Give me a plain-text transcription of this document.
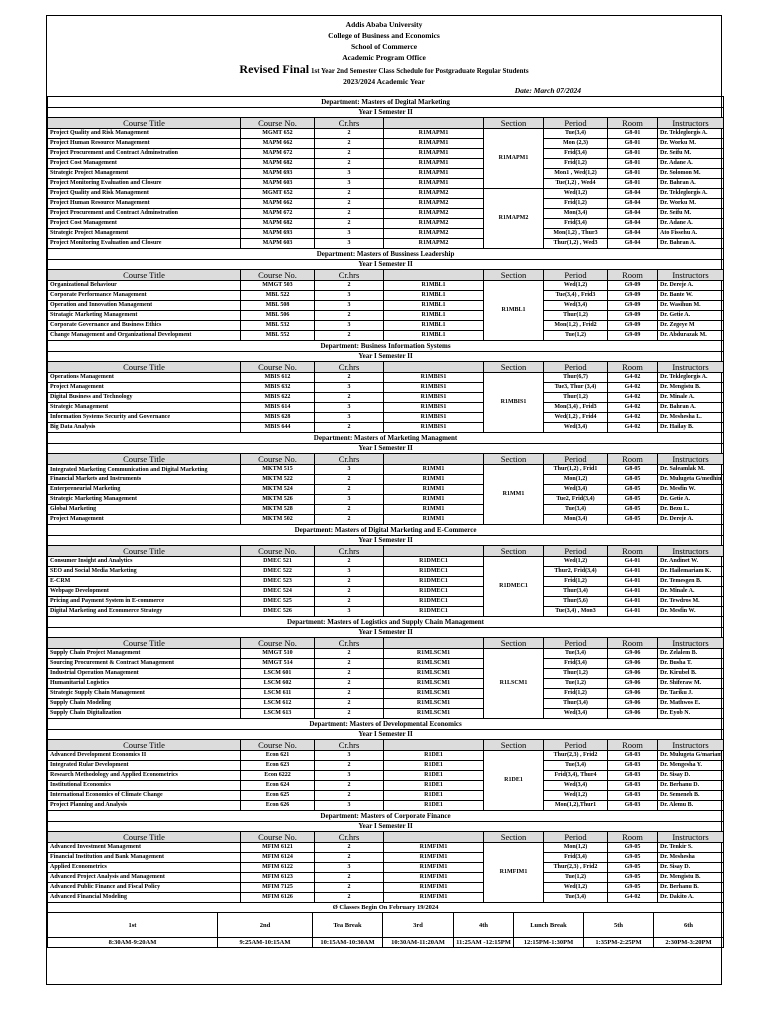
Addis Ababa University
College of Business and Economics
School of Commerce
Academic Program Office
Revised Final 1st Year 2nd Semester Class Schedule for Postgraduate Regular Students
2023/2024 Academic Year
Date: March 07/2024
Department: Masters of Degital Marketing							
Year I Semester II							
Course Title	Course No.	Cr.hrs		Section	Period	Room	Instructors
Project Quality and Risk Management	MGMT 652	2	R1MAPM1	R1MAPM1	Tue(3,4)	G8-01	Dr. Tekleglorgis A.
Project Human Resource Management	MAPM 662	2	R1MAPM1		Mon (2,3)	G8-01	Dr. Worku M.
Project Procurement and Contract Adminstration	MAPM 672	2	R1MAPM1		Frid(3,4)	G8-01	Dr. Seifu M.
Project Cost Management	MAPM 682	2	R1MAPM1		Frid(1,2)	G8-01	Dr. Adane A.
Strategic Project Management	MAPM 693	3	R1MAPM1		Mon1 , Wed(1,2)	G8-01	Dr. Solomon M.
Project Monitoring Evaluation and Closure	MAPM 603	3	R1MAPM1		Tue(1,2) , Wed4	G8-01	Dr. Bahran A.
Project Quality and Risk Management	MGMT 652	2	R1MAPM2	R1MAPM2	Wed(1,2)	G8-04	Dr. Tekleglorgis A.
Project Human Resource Management	MAPM 662	2	R1MAPM2		Frid(1,2)	G8-04	Dr. Worku M.
Project Procurement and Contract Adminstration	MAPM 672	2	R1MAPM2		Mon(3,4)	G8-04	Dr. Seifu M.
Project Cost Management	MAPM 682	2	R1MAPM2		Frid(3,4)	G8-04	Dr. Adane A.
Strategic Project Management	MAPM 693	3	R1MAPM2		Mon(1,2) , Thur3	G8-04	Ato Fissehu A.
Project Monitoring Evaluation and Closure	MAPM 603	3	R1MAPM2		Thur(1,2) , Wed3	G8-04	Dr. Bahran A.
Department: Masters of Bussiness Leadership							
Year I Semester II							
Course Title	Course No.	Cr.hrs		Section	Period	Room	Instructors
Organizational Behaviour	MMGT 503	2	R1MBL1	R1MBL1	Wed(1,2)	G9-09	Dr. Dereje A.
Corporate Performance Management	MBL 522	3	R1MBL1		Tue(3,4) , Frid3	G9-09	Dr. Bante W.
Operation and Innovation Management	MBL 508	3	R1MBL1		Wed(3,4)	G9-09	Dr. Wasihun M.
Stratagic Marketing Management	MBL 506	2	R1MBL1		Thur(1,2)	G9-09	Dr. Getie A.
Corporate Governance and Business Ethics	MBL 532	3	R1MBL1		Mon(1,2) , Frid2	G9-09	Dr. Zegeye M
Change Management and Organizational Development	MBL 552	2	R1MBL1		Tue(1,2)	G9-09	Dr. Abdurazak M.
Department: Business Information Systems							
Year I Semester II							
Course Title	Course No.	Cr.hrs		Section	Period	Room	Instructors
Operations Management	MBIS 612	2	R1MBIS1	R1MBIS1	Thur(6,7)	G4-02	Dr. Tekleglorgis A.
Project Management	MBIS 632	3	R1MBIS1		Tue3, Thur (3,4)	G4-02	Dr. Mengistu B.
Digital Business and Technology	MBIS 622	2	R1MBIS1		Thur(1,2)	G4-02	Dr. Minale A.
Strategic Management	MBIS 614	3	R1MBIS1		Mon(3,4) , Frid3	G4-02	Dr. Bahran A.
Information Systems Security and Governance	MBIS 628	3	R1MBIS1		Wed(1,2) , Frid4	G4-02	Dr. Meshesha L.
Big Data Analysis	MBIS 644	2	R1MBIS1		Wed(3,4)	G4-02	Dr. Hailay B.
Department: Masters of Marketing Managment							
Year I Semester II							
Course Title	Course No.	Cr.hrs		Section	Period	Room	Instructors
Integrated Marketing Communication and Digital Marketing	MKTM 515	3	R1MM1	R1MM1	Thur(1,2) , Frid1	G8-05	Dr. Saleamlak M.
Financial Markets and Instruments	MKTM 522	2	R1MM1		Mon(1,2)	G8-05	Dr. Mulugeta G/medhin
Enterpreneurial Marketing	MKTM 524	2	R1MM1		Wed(3,4)	G8-05	Dr. Mesfin W.
Strategic Marketing Management	MKTM 526	3	R1MM1		Tue2, Frid(3,4)	G8-05	Dr. Getie A.
Global Marketing	MKTM 528	2	R1MM1		Tue(3,4)	G8-05	Dr. Bezu L.
Project Management	MKTM 502	2	R1MM1		Mon(3,4)	G8-05	Dr. Dereje A.
Department: Masters of Digital Marketing and E-Commerce							
Year I Semester II							
Course Title	Course No.	Cr.hrs		Section	Period	Room	Instructors
Consumer Insight and Analytics	DMEC 521	2	R1DMEC1	R1DMEC1	Wed(1,2)	G4-01	Dr. Andinet W.
SEO and Social Media Marketing	DMEC 522	3	R1DMEC1		Thur2, Frid(3,4)	G4-01	Dr. Hailemariam K.
E-CRM	DMEC 523	2	R1DMEC1		Frid(1,2)	G4-01	Dr. Temesgen B.
Webpage Development	DMEC 524	2	R1DMEC1		Thur(3,4)	G4-01	Dr. Minale A.
Pricing and Payment System in E-commerce	DMEC 525	2	R1DMEC1		Thur(5,6)	G4-01	Dr. Tewdros M.
Digital Marketing and Ecommerce Strategy	DMEC 526	3	R1DMEC1		Tue(3,4) , Mon3	G4-01	Dr. Mesfin W.
Department: Masters of Logistics and Supply Chain Management							
Year I Semester II							
Course Title	Course No.	Cr.hrs		Section	Period	Room	Instructors
Supply Chain Project Management	MMGT 510	2	R1MLSCM1	R1LSCM1	Tue(3,4)	G9-06	Dr. Zelalem B.
Sourcing Procurement & Contract Management	MMGT 514	2	R1MLSCM1		Frid(3,4)	G9-06	Dr. Busha T.
Industrial Operation Management	LSCM 601	2	R1MLSCM1		Thur(1,2)	G9-06	Dr. Kirubel B.
Humanitarial Logistics	LSCM 602	2	R1MLSCM1		Tue(1,2)	G9-06	Dr. Shiferaw M.
Strategic Supply Chain Management	LSCM 611	2	R1MLSCM1		Frid(1,2)	G9-06	Dr. Tariku J.
Supply Chain Modeling	LSCM 612	2	R1MLSCM1		Thur(3,4)	G9-06	Dr. Mathwos E.
Supply Chain Digitalization	LSCM 613	2	R1MLSCM1		Wed(3,4)	G9-06	Dr. Eyob N.
Department: Masters of Developmental Economics							
Year I Semester II							
Course Title	Course No.	Cr.hrs		Section	Period	Room	Instructors
Advanced Development Economics II	Econ 621	3	R1DE1	R1DE1	Thur(2,3) , Frid2	G8-03	Dr. Mulugeta G/mariam
Integrated Rular Development	Econ 623	2	R1DE1		Tue(3,4)	G8-03	Dr. Mengesha Y.
Research Methodology and Applied Econometrics	Econ 6222	3	R1DE1		Frid(3,4), Thur4	G8-03	Dr. Sisay D.
Institutional Economics	Econ 624	2	R1DE1		Wed(3,4)	G8-03	Dr. Berhanu D.
International Economics of Climate Change	Econ 625	2	R1DE1		Wed(1,2)	G8-03	Dr. Semeneh B.
Project Planning and Analysis	Econ 626	3	R1DE1		Mon(1,2),Thur1	G8-03	Dr. Alemu B.
Department: Masters of Corporate Finance							
Year I Semester II							
Course Title	Course No.	Cr.hrs		Section	Period	Room	Instructors
Advanced Investment Management	MFIM 6121	2	R1MFIM1	R1MFIM1	Mon(1,2)	G9-05	Dr. Tenkir S.
Financial Institution and Bank Management	MFIM 6124	2	R1MFIM1		Frid(3,4)	G9-05	Dr. Meshesha
Applied Econometrics	MFIM 6122	3	R1MFIM1		Thur(2,3) , Frid2	G9-05	Dr. Sisay D.
Advanced Project Analysis and Management	MFIM 6123	2	R1MFIM1		Tue(1,2)	G9-05	Dr. Mengistu B.
Advanced Public Finance and Fiscal Policy	MFIM 7125	2	R1MFIM1		Wed(1,2)	G9-05	Dr. Berhanu B.
Advanced Financial Modeling	MFIM 6126	2	R1MFIM1		Tue(3,4)	G4-02	Dr. Dakito A.
Ø Classes Begin On February 19/2024							
1st	2nd	Tea Break	3rd	4th	Lunch Break	5th	6th
8:30AM-9:20AM	9:25AM-10:15AM	10:15AM-10:30AM	10:30AM-11:20AM	11:25AM -12:15PM	12:15PM-1:30PM	1:35PM-2:25PM	2:30PM-3:20PM
